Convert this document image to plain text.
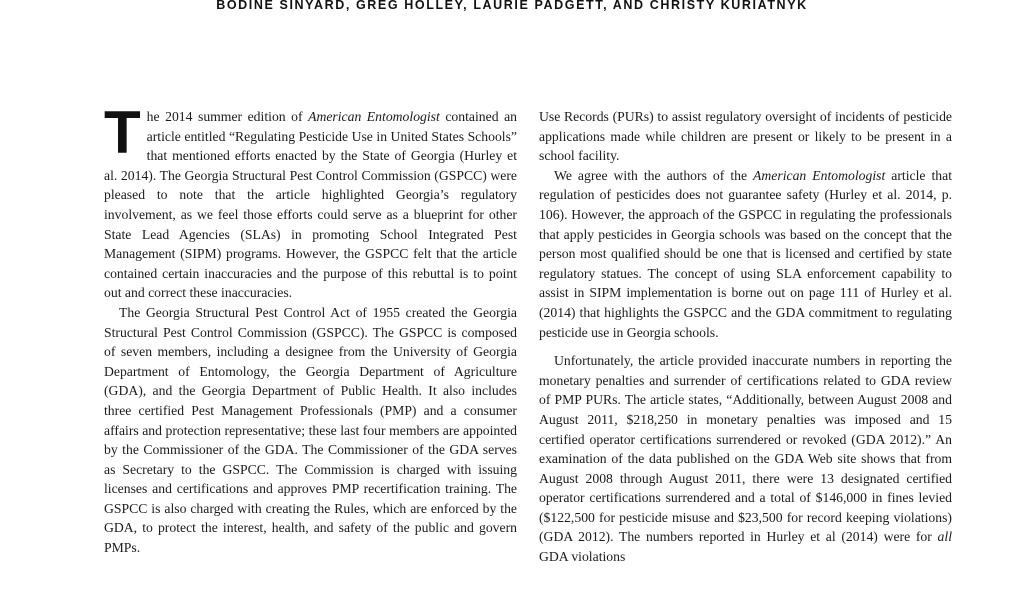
BODINE SINYARD, GREG HOLLEY, LAURIE PADGETT, AND CHRISTY KURIATNYK

The 2014 summer edition of American Entomologist contained an article entitled “Regulating Pesticide Use in United States Schools” that mentioned efforts enacted by the State of Georgia (Hurley et al. 2014). The Georgia Structural Pest Control Commission (GSPCC) were pleased to note that the article highlighted Georgia’s regulatory involvement, as we feel those efforts could serve as a blueprint for other State Lead Agencies (SLAs) in promoting School Integrated Pest Management (SIPM) programs. However, the GSPCC felt that the article contained certain inaccuracies and the purpose of this rebuttal is to point out and correct these inaccuracies.

The Georgia Structural Pest Control Act of 1955 created the Georgia Structural Pest Control Commission (GSPCC). The GSPCC is composed of seven members, including a designee from the University of Georgia Department of Entomology, the Georgia Department of Agriculture (GDA), and the Georgia Department of Public Health. It also includes three certified Pest Management Professionals (PMP) and a consumer affairs and protection representative; these last four members are appointed by the Commissioner of the GDA. The Commissioner of the GDA serves as Secretary to the GSPCC. The Commission is charged with issuing licenses and certifications and approves PMP recertification training. The GSPCC is also charged with creating the Rules, which are enforced by the GDA, to protect the interest, health, and safety of the public and govern PMPs.

Use Records (PURs) to assist regulatory oversight of incidents of pesticide applications made while children are present or likely to be present in a school facility.

We agree with the authors of the American Entomologist article that regulation of pesticides does not guarantee safety (Hurley et al. 2014, p. 106). However, the approach of the GSPCC in regulating the professionals that apply pesticides in Georgia schools was based on the concept that the person most qualified should be one that is licensed and certified by state regulatory statues. The concept of using SLA enforcement capability to assist in SIPM implementation is borne out on page 111 of Hurley et al. (2014) that highlights the GSPCC and the GDA commitment to regulating pesticide use in Georgia schools.

Unfortunately, the article provided inaccurate numbers in reporting the monetary penalties and surrender of certifications related to GDA review of PMP PURs. The article states, “Additionally, between August 2008 and August 2011, $218,250 in monetary penalties was imposed and 15 certified operator certifications surrendered or revoked (GDA 2012).” An examination of the data published on the GDA Web site shows that from August 2008 through August 2011, there were 13 designated certified operator certifications surrendered and a total of $146,000 in fines levied ($122,500 for pesticide misuse and $23,500 for record keeping violations)(GDA 2012). The numbers reported in Hurley et al (2014) were for all GDA violations
